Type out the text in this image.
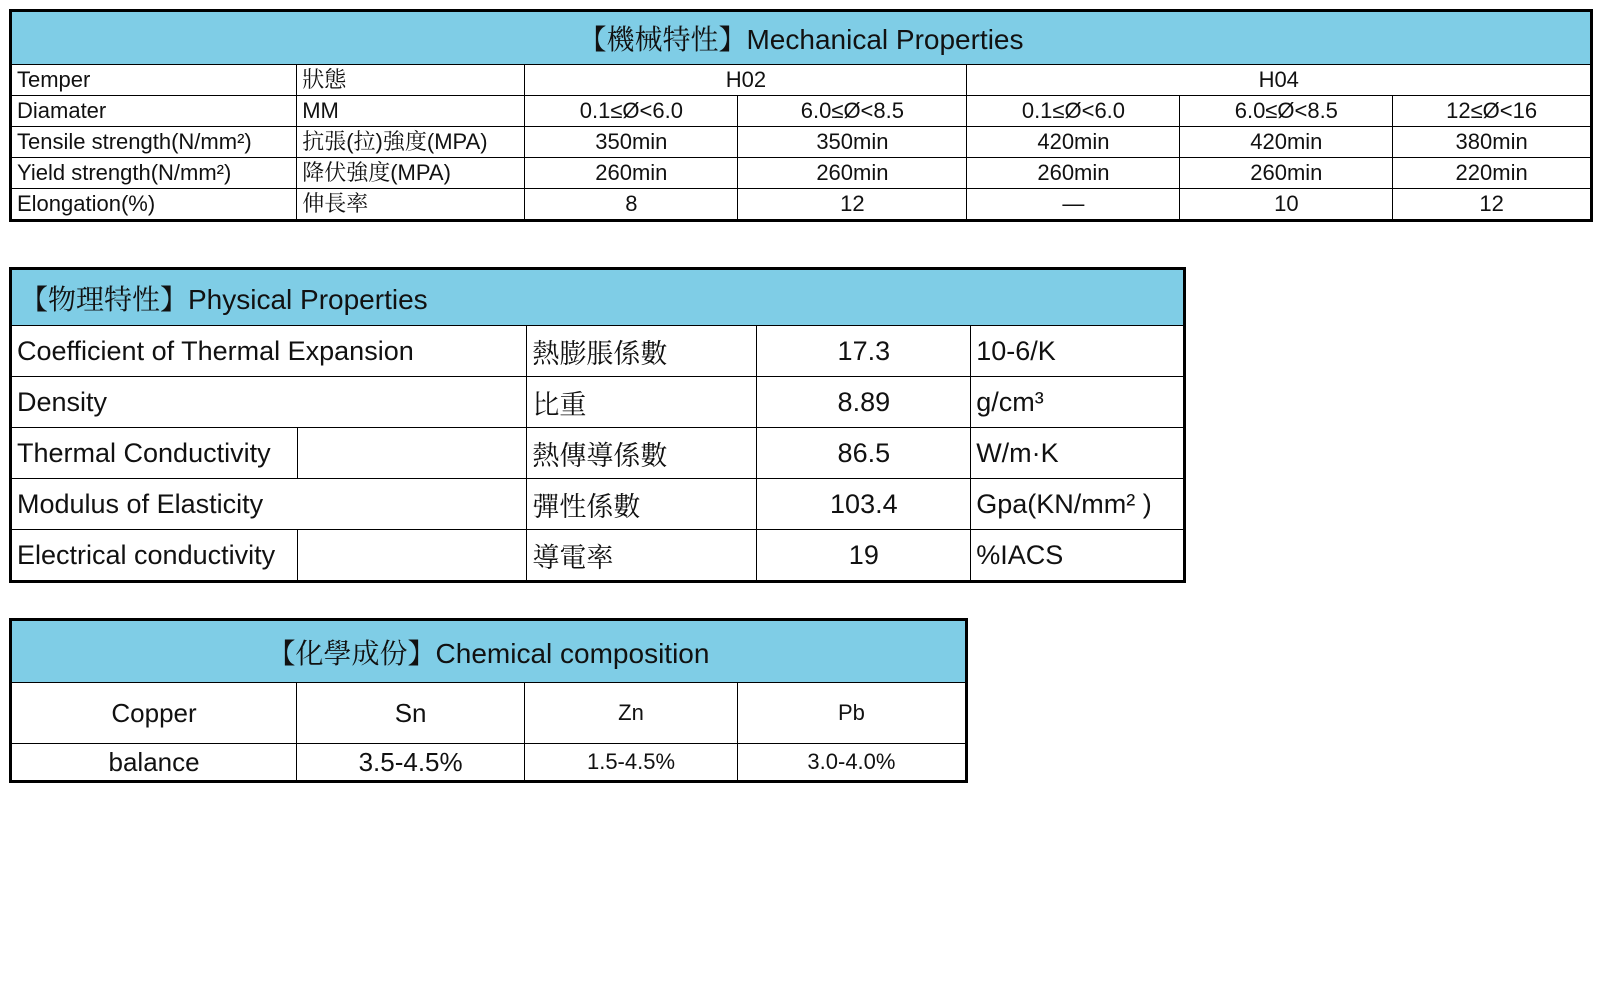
【機械特性】Mechanical Properties						
Temper	狀態	H02		H04		
Diamater	MM	0.1≤Ø<6.0	6.0≤Ø<8.5	0.1≤Ø<6.0	6.0≤Ø<8.5	12≤Ø<16
Tensile strength(N/mm²)	抗張(拉)強度(MPA)	350min	350min	420min	420min	380min
Yield strength(N/mm²)	降伏強度(MPA)	260min	260min	260min	260min	220min
Elongation(%)	伸長率	8	12	—	10	12
【物理特性】Physical Properties				
Coefficient of Thermal Expansion		熱膨脹係數	17.3	10-6/K
Density		比重	8.89	g/cm³
Thermal Conductivity		熱傳導係數	86.5	W/m·K
Modulus of Elasticity		彈性係數	103.4	Gpa(KN/mm² )
Electrical conductivity		導電率	19	%IACS
【化學成份】Chemical composition			
Copper	Sn	Zn	Pb
balance	3.5-4.5%	1.5-4.5%	3.0-4.0%
